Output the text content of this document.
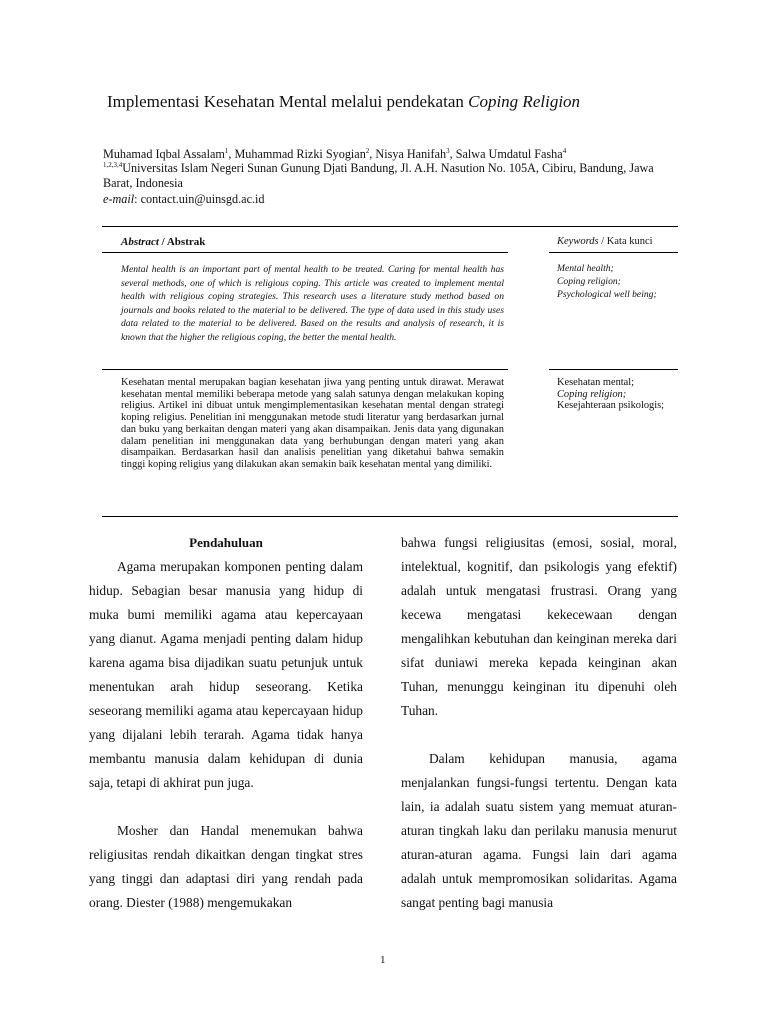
Implementasi Kesehatan Mental melalui pendekatan Coping Religion
Muhamad Iqbal Assalam$^1$, Muhammad Rizki Syogian$^2$, Nisya Hanifah$^3$, Salwa Umdatul Fasha$^4$
$^{1,2,3,4}$Universitas Islam Negeri Sunan Gunung Djati Bandung, Jl. A.H. Nasution No. 105A, Cibiru, Bandung, Jawa Barat, Indonesia
e-mail: contact.uin@uinsgd.ac.id
Abstract / Abstrak	Keywords / Kata kunci
Mental health is an important part of mental health to be treated. Caring for mental health has several methods, one of which is religious coping. This article was created to implement mental health with religious coping strategies. This research uses a literature study method based on journals and books related to the material to be delivered. The type of data used in this study uses data related to the material to be delivered. Based on the results and analysis of research, it is known that the higher the religious coping, the better the mental health.
Mental health;
Coping religion;
Psychological well being;
Kesehatan mental merupakan bagian kesehatan jiwa yang penting untuk dirawat. Merawat kesehatan mental memiliki beberapa metode yang salah satunya dengan melakukan koping religius. Artikel ini dibuat untuk mengimplementasikan kesehatan mental dengan strategi koping religius. Penelitian ini menggunakan metode studi literatur yang berdasarkan jurnal dan buku yang berkaitan dengan materi yang akan disampaikan. Jenis data yang digunakan dalam penelitian ini menggunakan data yang berhubungan dengan materi yang akan disampaikan. Berdasarkan hasil dan analisis penelitian yang diketahui bahwa semakin tinggi koping religius yang dilakukan akan semakin baik kesehatan mental yang dimiliki.
Kesehatan mental;
Coping religion;
Kesejahteraan psikologis;

Pendahuluan

Agama merupakan komponen penting dalam hidup. Sebagian besar manusia yang hidup di muka bumi memiliki agama atau kepercayaan yang dianut. Agama menjadi penting dalam hidup karena agama bisa dijadikan suatu petunjuk untuk menentukan arah hidup seseorang. Ketika seseorang memiliki agama atau kepercayaan hidup yang dijalani lebih terarah. Agama tidak hanya membantu manusia dalam kehidupan di dunia saja, tetapi di akhirat pun juga.

Mosher dan Handal menemukan bahwa religiusitas rendah dikaitkan dengan tingkat stres yang tinggi dan adaptasi diri yang rendah pada orang. Diester (1988) mengemukakan

bahwa fungsi religiusitas (emosi, sosial, moral, intelektual, kognitif, dan psikologis yang efektif) adalah untuk mengatasi frustrasi. Orang yang kecewa mengatasi kekecewaan dengan mengalihkan kebutuhan dan keinginan mereka dari sifat duniawi mereka kepada keinginan akan Tuhan, menunggu keinginan itu dipenuhi oleh Tuhan.

Dalam kehidupan manusia, agama menjalankan fungsi-fungsi tertentu. Dengan kata lain, ia adalah suatu sistem yang memuat aturan-aturan tingkah laku dan perilaku manusia menurut aturan-aturan agama. Fungsi lain dari agama adalah untuk mempromosikan solidaritas. Agama sangat penting bagi manusia

1
